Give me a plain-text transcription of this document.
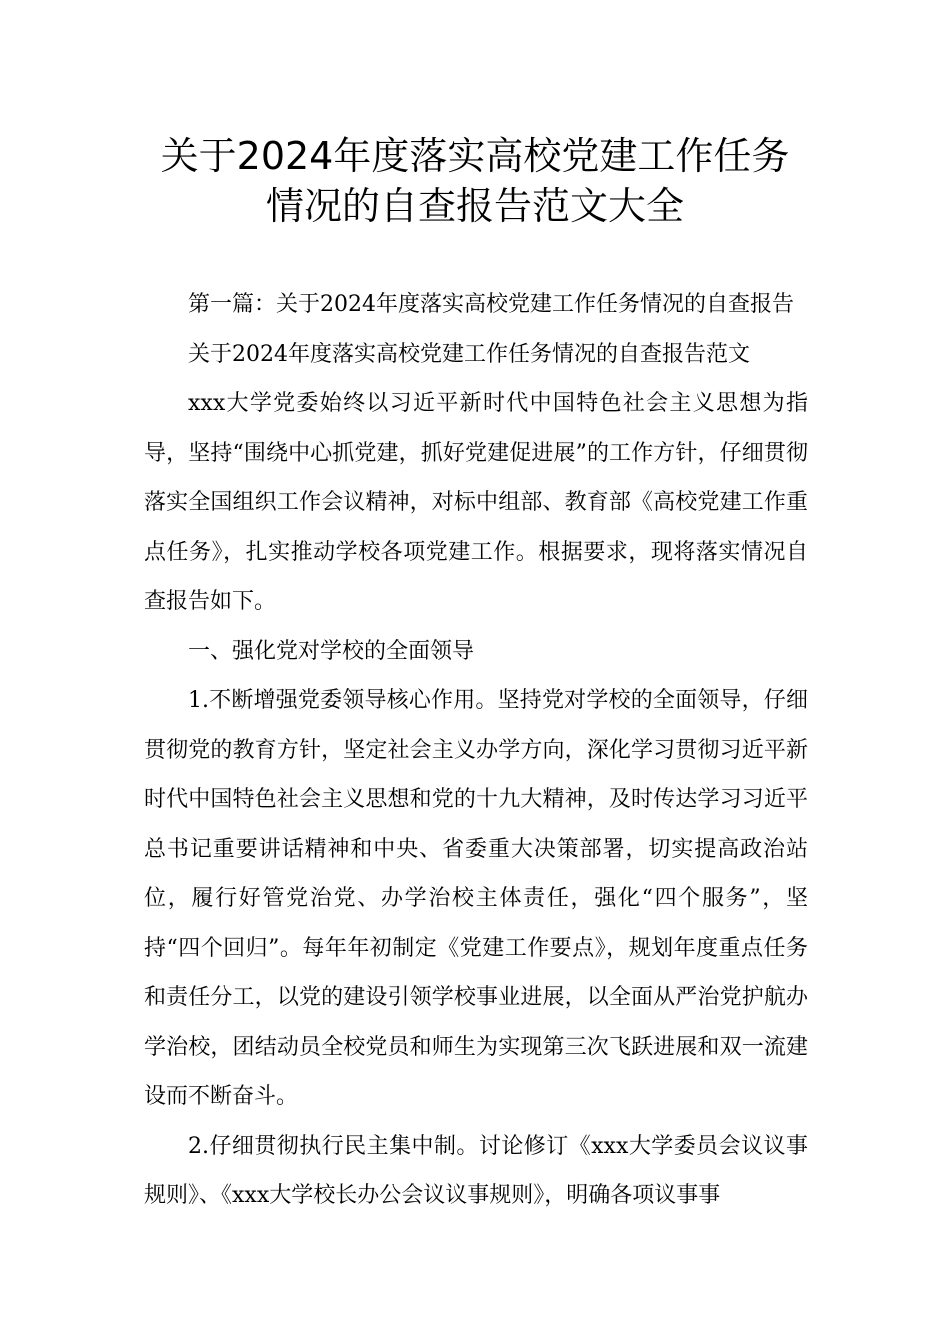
关于2024年度落实高校党建工作任务
情况的自查报告范文大全

第一篇：关于2024年度落实高校党建工作任务情况的自查报告

关于2024年度落实高校党建工作任务情况的自查报告范文

xxx大学党委始终以习近平新时代中国特色社会主义思想为指导，坚持“围绕中心抓党建，抓好党建促进展”的工作方针，仔细贯彻落实全国组织工作会议精神，对标中组部、教育部《高校党建工作重点任务》，扎实推动学校各项党建工作。根据要求，现将落实情况自查报告如下。

一、强化党对学校的全面领导

1.不断增强党委领导核心作用。坚持党对学校的全面领导，仔细贯彻党的教育方针，坚定社会主义办学方向，深化学习贯彻习近平新时代中国特色社会主义思想和党的十九大精神，及时传达学习习近平总书记重要讲话精神和中央、省委重大决策部署，切实提高政治站位，履行好管党治党、办学治校主体责任，强化“四个服务”，坚持“四个回归”。每年年初制定《党建工作要点》，规划年度重点任务和责任分工，以党的建设引领学校事业进展，以全面从严治党护航办学治校，团结动员全校党员和师生为实现第三次飞跃进展和双一流建设而不断奋斗。

2.仔细贯彻执行民主集中制。讨论修订《xxx大学委员会议议事规则》、《xxx大学校长办公会议议事规则》，明确各项议事事
